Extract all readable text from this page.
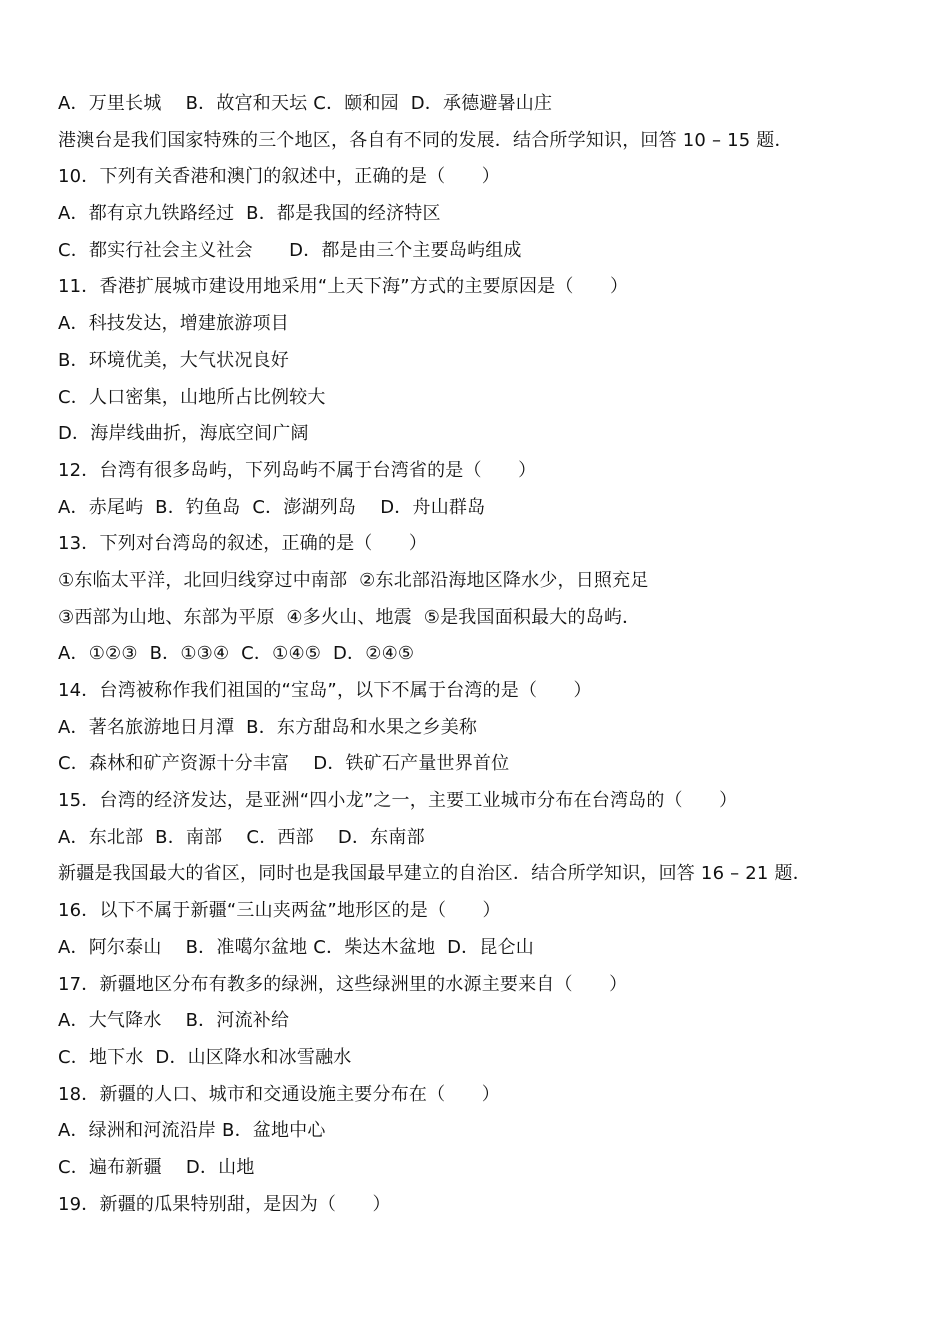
A．万里长城　 B．故宫和天坛 C．颐和园  D．承德避暑山庄
港澳台是我们国家特殊的三个地区，各自有不同的发展．结合所学知识，回答 10 – 15 题．
10．下列有关香港和澳门的叙述中，正确的是（　　）
A．都有京九铁路经过  B．都是我国的经济特区
C．都实行社会主义社会　　D．都是由三个主要岛屿组成
11．香港扩展城市建设用地采用“上天下海”方式的主要原因是（　　）
A．科技发达，增建旅游项目
B．环境优美，大气状况良好
C．人口密集，山地所占比例较大
D．海岸线曲折，海底空间广阔
12．台湾有很多岛屿，下列岛屿不属于台湾省的是（　　）
A．赤尾屿  B．钓鱼岛  C．澎湖列岛　 D．舟山群岛
13．下列对台湾岛的叙述，正确的是（　　）
①东临太平洋，北回归线穿过中南部  ②东北部沿海地区降水少，日照充足
③西部为山地、东部为平原  ④多火山、地震  ⑤是我国面积最大的岛屿．
A．①②③  B．①③④  C．①④⑤  D．②④⑤
14．台湾被称作我们祖国的“宝岛”，以下不属于台湾的是（　　）
A．著名旅游地日月潭  B．东方甜岛和水果之乡美称
C．森林和矿产资源十分丰富　 D．铁矿石产量世界首位
15．台湾的经济发达，是亚洲“四小龙”之一，主要工业城市分布在台湾岛的（　　）
A．东北部  B．南部　 C．西部　 D．东南部
新疆是我国最大的省区，同时也是我国最早建立的自治区．结合所学知识，回答 16 – 21 题．
16．以下不属于新疆“三山夹两盆”地形区的是（　　）
A．阿尔泰山　 B．准噶尔盆地 C．柴达木盆地  D．昆仑山
17．新疆地区分布有教多的绿洲，这些绿洲里的水源主要来自（　　）
A．大气降水　 B．河流补给
C．地下水  D．山区降水和冰雪融水
18．新疆的人口、城市和交通设施主要分布在（　　）
A．绿洲和河流沿岸 B．盆地中心
C．遍布新疆　 D．山地
19．新疆的瓜果特别甜，是因为（　　）
